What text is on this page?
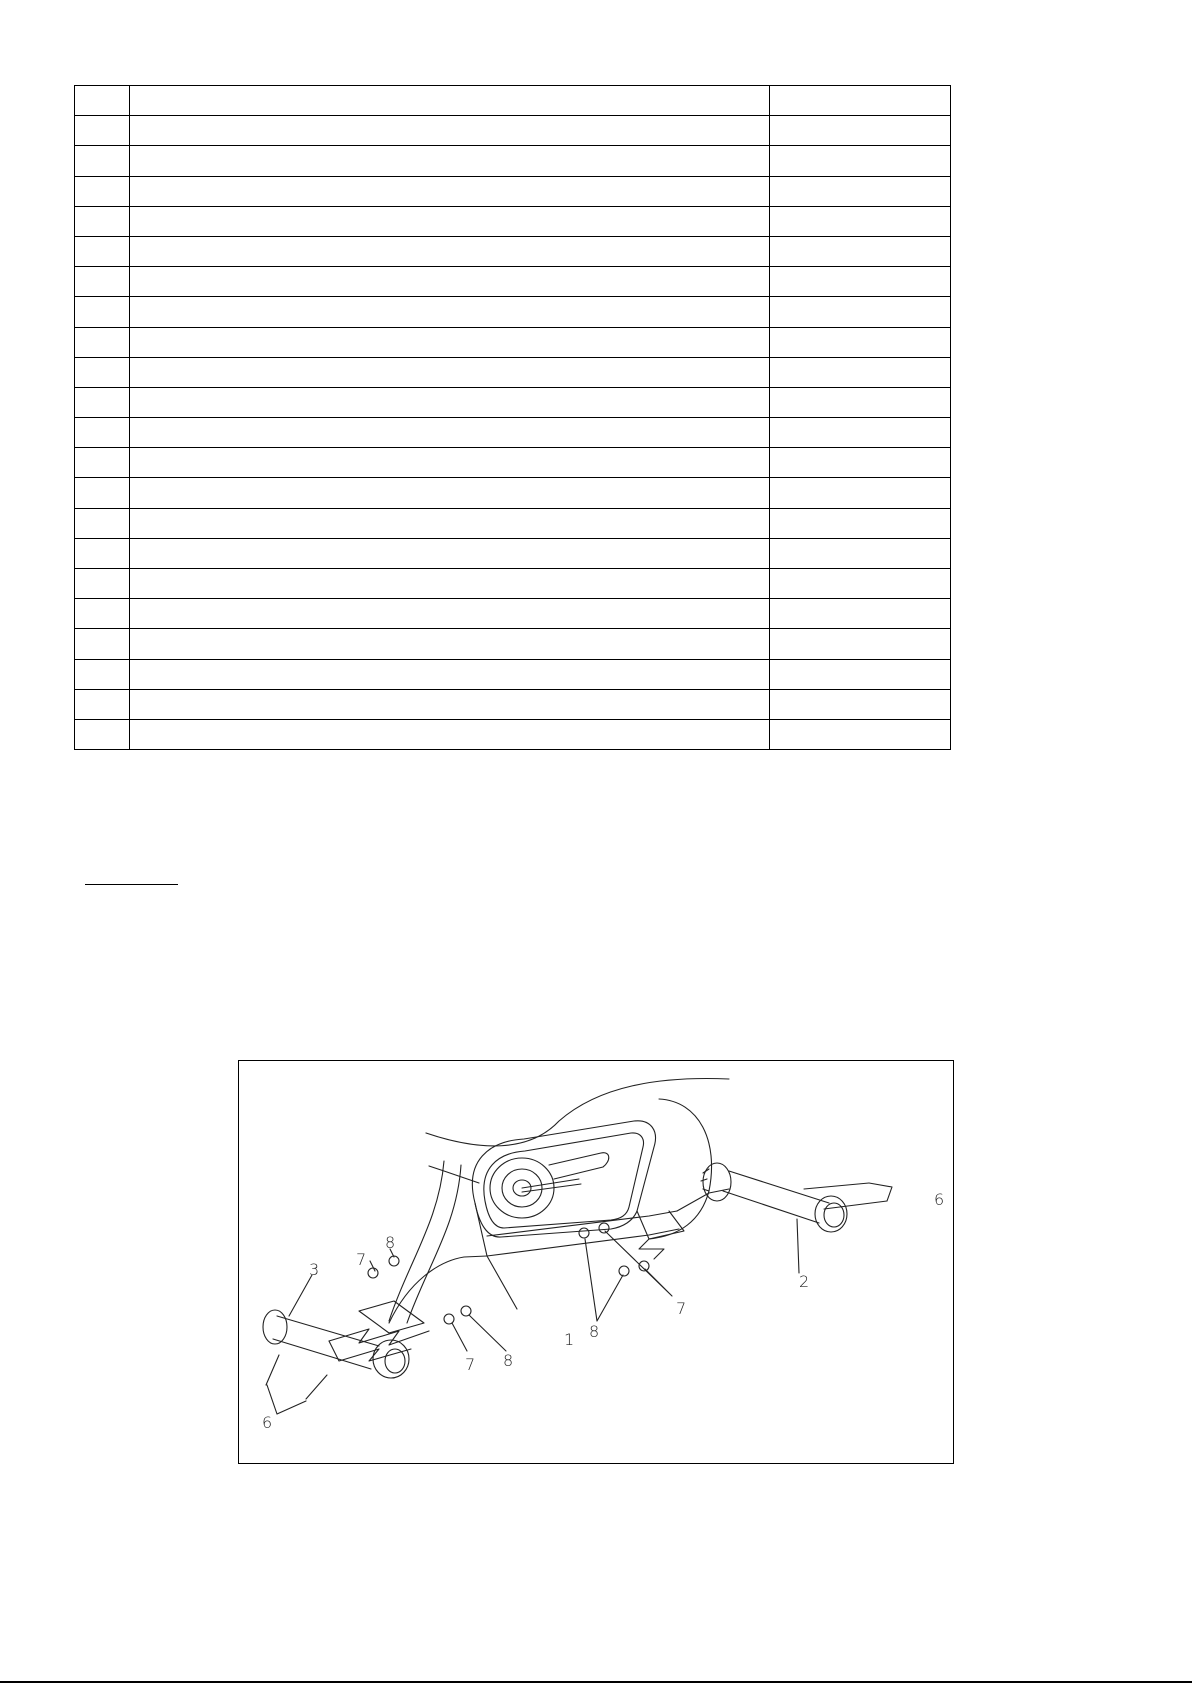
1
2
3
6
6
7
7
7
8
8
8
